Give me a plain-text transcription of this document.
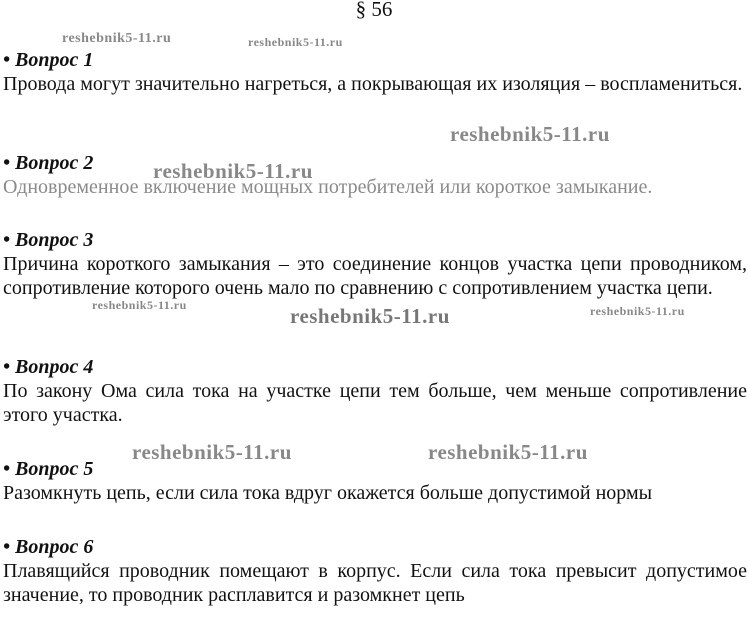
§ 56

• Вопрос 1

Провода могут значительно нагреться, а покрывающая их изоляция – воспламениться.

• Вопрос 2

Одновременное включение мощных потребителей или короткое замыкание.

• Вопрос 3

Причина короткого замыкания – это соединение концов участка цепи проводником, сопротивление которого очень мало по сравнению с сопротивлением участка цепи.

• Вопрос 4

По закону Ома сила тока на участке цепи тем больше, чем меньше сопротивление этого участка.

• Вопрос 5

Разомкнуть цепь, если сила тока вдруг окажется больше допустимой нормы

• Вопрос 6

Плавящийся проводник помещают в корпус. Если сила тока превысит допустимое значение, то проводник расплавится и разомкнет цепь

reshebnik5-11.ru	reshebnik5-11.ru
reshebnik5-11.ru
reshebnik5-11.ru
reshebnik5-11.ru	reshebnik5-11.ru	reshebnik5-11.ru
reshebnik5-11.ru	reshebnik5-11.ru
